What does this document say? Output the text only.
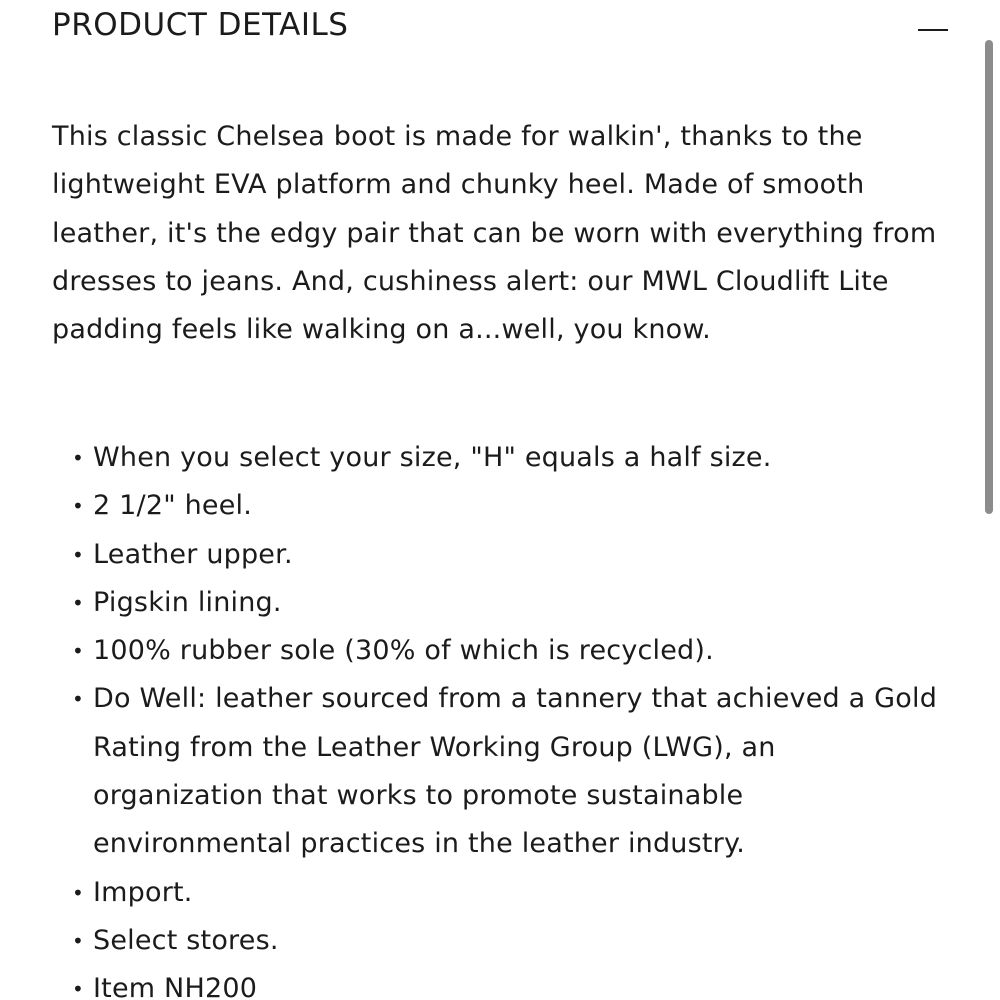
PRODUCT DETAILS

This classic Chelsea boot is made for walkin', thanks to the lightweight EVA platform and chunky heel. Made of smooth leather, it's the edgy pair that can be worn with everything from dresses to jeans. And, cushiness alert: our MWL Cloudlift Lite padding feels like walking on a...well, you know.

• When you select your size, "H" equals a half size.
• 2 1/2" heel.
• Leather upper.
• Pigskin lining.
• 100% rubber sole (30% of which is recycled).
• Do Well: leather sourced from a tannery that achieved a Gold Rating from the Leather Working Group (LWG), an organization that works to promote sustainable environmental practices in the leather industry.
• Import.
• Select stores.
• Item NH200
